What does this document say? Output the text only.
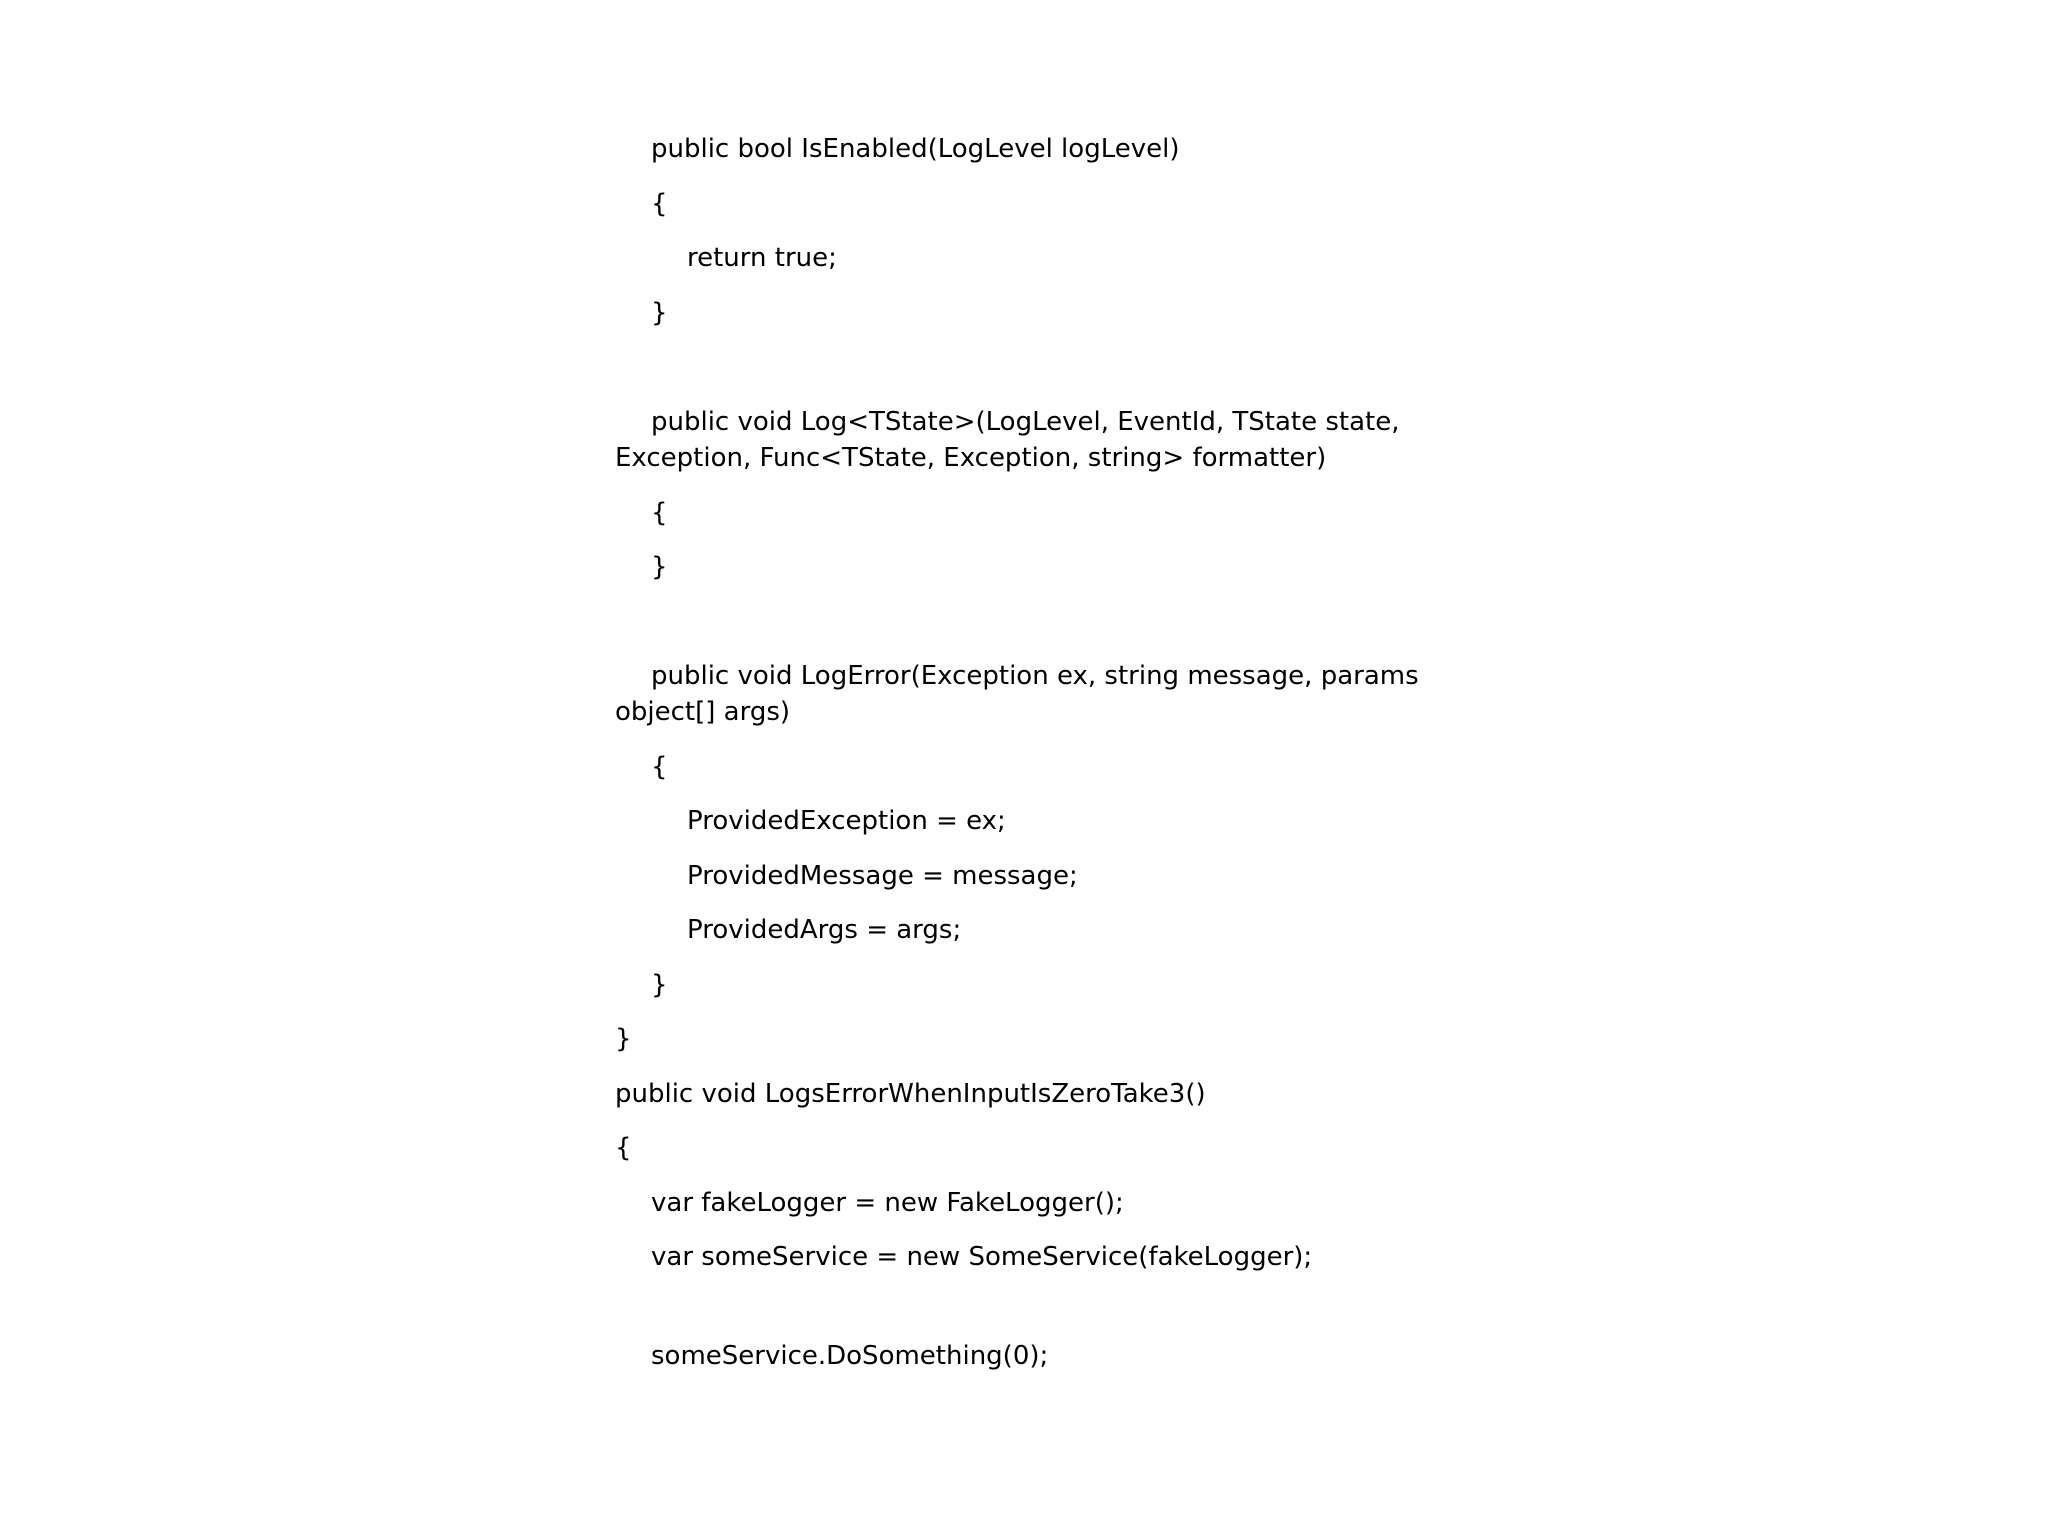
public bool IsEnabled(LogLevel logLevel)
{
return true;
}
public void Log<TState>(LogLevel, EventId, TState state,
Exception, Func<TState, Exception, string> formatter)
{
}
public void LogError(Exception ex, string message, params
object[] args)
{
ProvidedException = ex;
ProvidedMessage = message;
ProvidedArgs = args;
}
}
public void LogsErrorWhenInputIsZeroTake3()
{
var fakeLogger = new FakeLogger();
var someService = new SomeService(fakeLogger);
someService.DoSomething(0);
